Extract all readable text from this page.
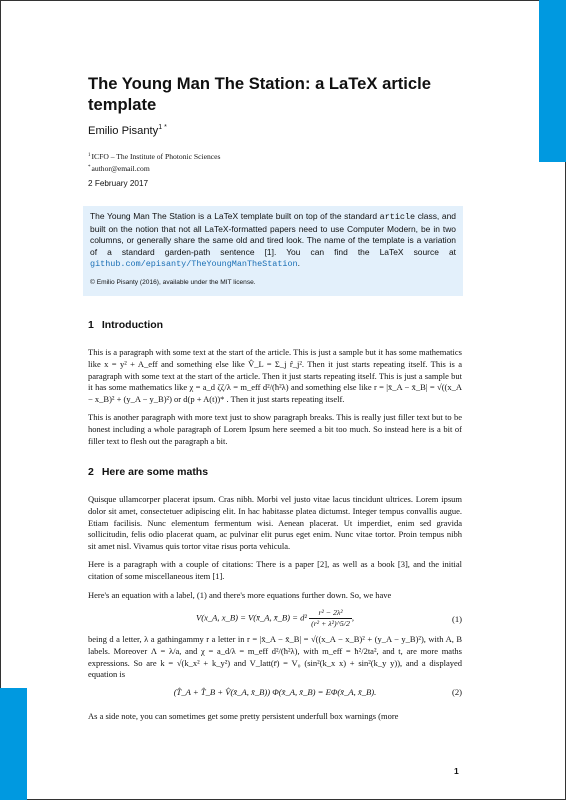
The Young Man The Station: a LaTeX article template
Emilio Pisanty$^{1 *}$
$^1$ICFO – The Institute of Photonic Sciences
*author@email.com
2 February 2017

The Young Man The Station is a LaTeX template built on top of the standard article class, and built on the notion that not all LaTeX-formatted papers need to use Computer Modern, be in two columns, or generally share the same old and tired look. The name of the template is a variation of a standard garden-path sentence [1]. You can find the LaTeX source at github.com/episanty/TheYoungManTheStation.

© Emilio Pisanty (2016), available under the MIT license.

1 Introduction

This is a paragraph with some text at the start of the article. This is just a sample but it has some mathematics like x = y² + A_eff and something else like V̂_L = Σ_j r̂_j². Then it just starts repeating itself. This is a paragraph with some text at the start of the article. Then it just starts repeating itself. This is just a sample but it has some mathematics like χ = a_d ζζ/λ = m_eff d²/(ħ²λ) and something else like r = |x̄_A − x̄_B| = √((x_A − x_B)² + (y_A − y_B)²) or d(p + A(t))* . Then it just starts repeating itself.

This is another paragraph with more text just to show paragraph breaks. This is really just filler text but to be honest including a whole paragraph of Lorem Ipsum here seemed a bit too much. So instead here is a bit of filler text to flesh out the paragraph a bit.

2 Here are some maths

Quisque ullamcorper placerat ipsum. Cras nibh. Morbi vel justo vitae lacus tincidunt ultrices. Lorem ipsum dolor sit amet, consectetuer adipiscing elit. In hac habitasse platea dictumst. Integer tempus convallis augue. Etiam facilisis. Nunc elementum fermentum wisi. Aenean placerat. Ut imperdiet, enim sed gravida sollicitudin, felis odio placerat quam, ac pulvinar elit purus eget enim. Nunc vitae tortor. Proin tempus nibh sit amet nisl. Vivamus quis tortor vitae risus porta vehicula.

Here is a paragraph with a couple of citations: There is a paper [2], as well as a book [3], and the initial citation of some miscellaneous item [1].

Here's an equation with a label, (1) and there's more equations further down. So, we have

V(x_A, x_B) = V(x̄_A, x̄_B) = $d^2 \frac{\text{r² − 2λ²}}{\text{(r² + λ²)\textasciicircum{}5/2}}$ ,	(1)

being d a letter, λ a gathingammy r a letter in r = |x̄_A − x̄_B| = √((x_A − x_B)² + (y_A − y_B)²), with A, B labels. Moreover Λ = λ/a, and χ = a_d/λ = m_eff d²/(ħ²λ), with m_eff = ħ²/2ta², and t, are more maths expressions. So are k = √(k_x² + k_y²) and V_latt(r̄) = V₀ (sin²(k_x x) + sin²(k_y y)), and a displayed equation is

(T̂_A + T̂_B + V̂(x̄_A, x̄_B)) Φ(x̄_A, x̄_B) = EΦ(x̄_A, x̄_B).	(2)

As a side note, you can sometimes get some pretty persistent underfull box warnings (more

1
